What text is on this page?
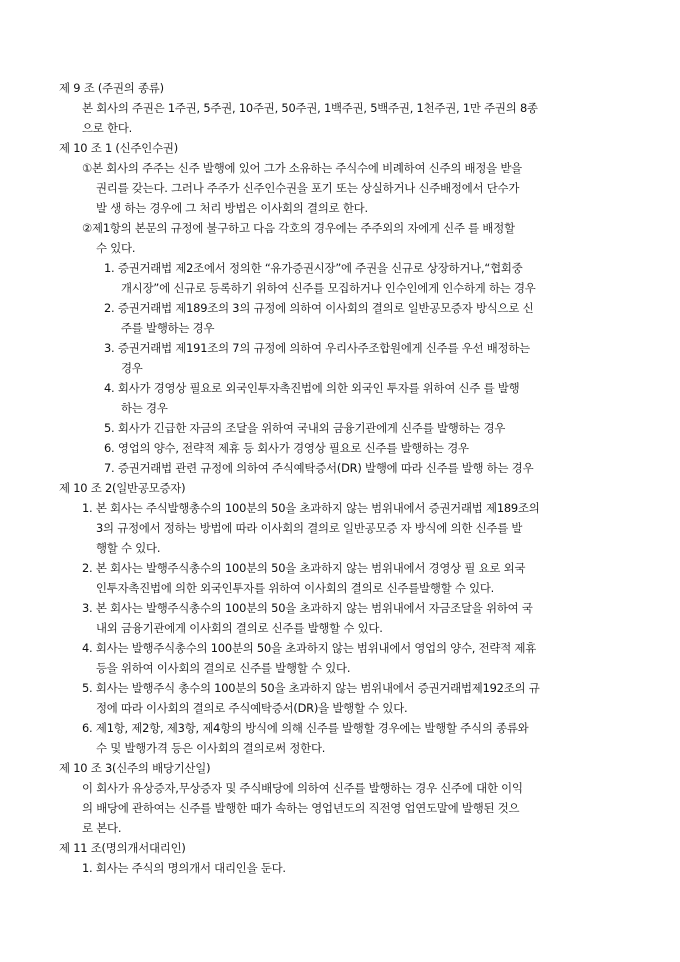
제 9 조 (주권의 종류)
본 회사의 주권은 1주권, 5주권, 10주권, 50주권, 1백주권, 5백주권, 1천주권, 1만 주권의 8종
으로 한다.
제 10 조 1 (신주인수권)
①본 회사의 주주는 신주 발행에 있어 그가 소유하는 주식수에 비례하여 신주의 배정을 받을
권리를 갖는다. 그러나 주주가 신주인수권을 포기 또는 상실하거나 신주배정에서 단수가
발 생 하는 경우에 그 처리 방법은 이사회의 결의로 한다.
②제1항의 본문의 규정에 불구하고 다음 각호의 경우에는 주주외의 자에게 신주 를 배정할
수 있다.
1. 증권거래법 제2조에서 정의한 “유가증권시장”에 주권을 신규로 상장하거나,“협회중
개시장”에 신규로 등록하기 위하여 신주를 모집하거나 인수인에게 인수하게 하는 경우
2. 증권거래법 제189조의 3의 규정에 의하여 이사회의 결의로 일반공모증자 방식으로 신
주를 발행하는 경우
3. 증권거래법 제191조의 7의 규정에 의하여 우리사주조합원에게 신주를 우선 배정하는
경우
4. 회사가 경영상 필요로 외국인투자촉진법에 의한 외국인 투자를 위하여 신주 를 발행
하는 경우
5. 회사가 긴급한 자금의 조달을 위하여 국내외 금융기관에게 신주를 발행하는 경우
6. 영업의 양수, 전략적 제휴 등 회사가 경영상 필요로 신주를 발행하는 경우
7. 증권거래법 관련 규정에 의하여 주식예탁증서(DR) 발행에 따라 신주를 발행 하는 경우
제 10 조 2(일반공모증자)
1. 본 회사는 주식발행총수의 100분의 50을 초과하지 않는 범위내에서 증권거래법 제189조의
3의 규정에서 정하는 방법에 따라 이사회의 결의로 일반공모증 자 방식에 의한 신주를 발
행할 수 있다.
2. 본 회사는 발행주식총수의 100분의 50을 초과하지 않는 범위내에서 경영상 필 요로 외국
인투자촉진법에 의한 외국인투자를 위하여 이사회의 결의로 신주를발행할 수 있다.
3. 본 회사는 발행주식총수의 100분의 50을 초과하지 않는 범위내에서 자금조달을 위하여 국
내외 금융기관에게 이사회의 결의로 신주를 발행할 수 있다.
4. 회사는 발행주식총수의 100분의 50을 초과하지 않는 범위내에서 영업의 양수, 전략적 제휴
등을 위하여 이사회의 결의로 신주를 발행할 수 있다.
5. 회사는 발행주식 총수의 100분의 50을 초과하지 않는 범위내에서 증권거래법제192조의 규
정에 따라 이사회의 결의로 주식예탁증서(DR)을 발행할 수 있다.
6. 제1항, 제2항, 제3항, 제4항의 방식에 의해 신주를 발행할 경우에는 발행할 주식의 종류와
수 및 발행가격 등은 이사회의 결의로써 정한다.
제 10 조 3(신주의 배당기산일)
이 회사가 유상증자,무상증자 및 주식배당에 의하여 신주를 발행하는 경우 신주에 대한 이익
의 배당에 관하여는 신주를 발행한 때가 속하는 영업년도의 직전영 업연도말에 발행된 것으
로 본다.
제 11 조(명의개서대리인)
1. 회사는 주식의 명의개서 대리인을 둔다.
